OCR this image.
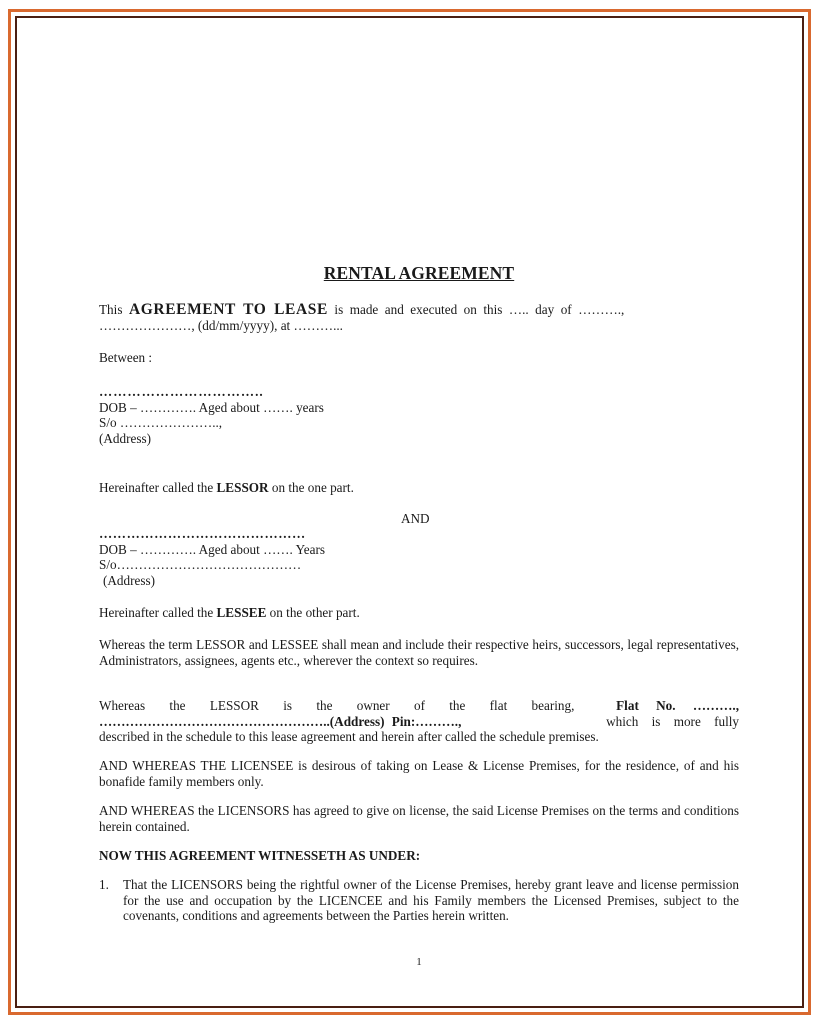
RENTAL AGREEMENT
This AGREEMENT TO LEASE is made and executed on this ….. day of ……….,
…………………, (dd/mm/yyyy), at ………...
Between :
……………………………..
DOB – …………. Aged about ……. years
S/o …………………..,
(Address)
Hereinafter called the LESSOR on the one part.
AND
………………………………………
DOB – …………. Aged about ……. Years
S/o……………………………………
(Address)
Hereinafter called the LESSEE on the other part.
Whereas the term LESSOR and LESSEE shall mean and include their respective heirs, successors, legal representatives, Administrators, assignees, agents etc., wherever the context so requires.
Whereas the LESSOR is the owner of the flat bearing,	Flat No. ……….,
……………………………………………..(Address) Pin:……….,	which is more fully
described in the schedule to this lease agreement and herein after called the schedule premises.
AND WHEREAS THE LICENSEE is desirous of taking on Lease & License Premises, for the residence, of and his bonafide family members only.
AND WHEREAS the LICENSORS has agreed to give on license, the said License Premises on the terms and conditions herein contained.
NOW THIS AGREEMENT WITNESSETH AS UNDER:
1. That the LICENSORS being the rightful owner of the License Premises, hereby grant leave and license permission for the use and occupation by the LICENCEE and his Family members the Licensed Premises, subject to the covenants, conditions and agreements between the Parties herein written.
1
